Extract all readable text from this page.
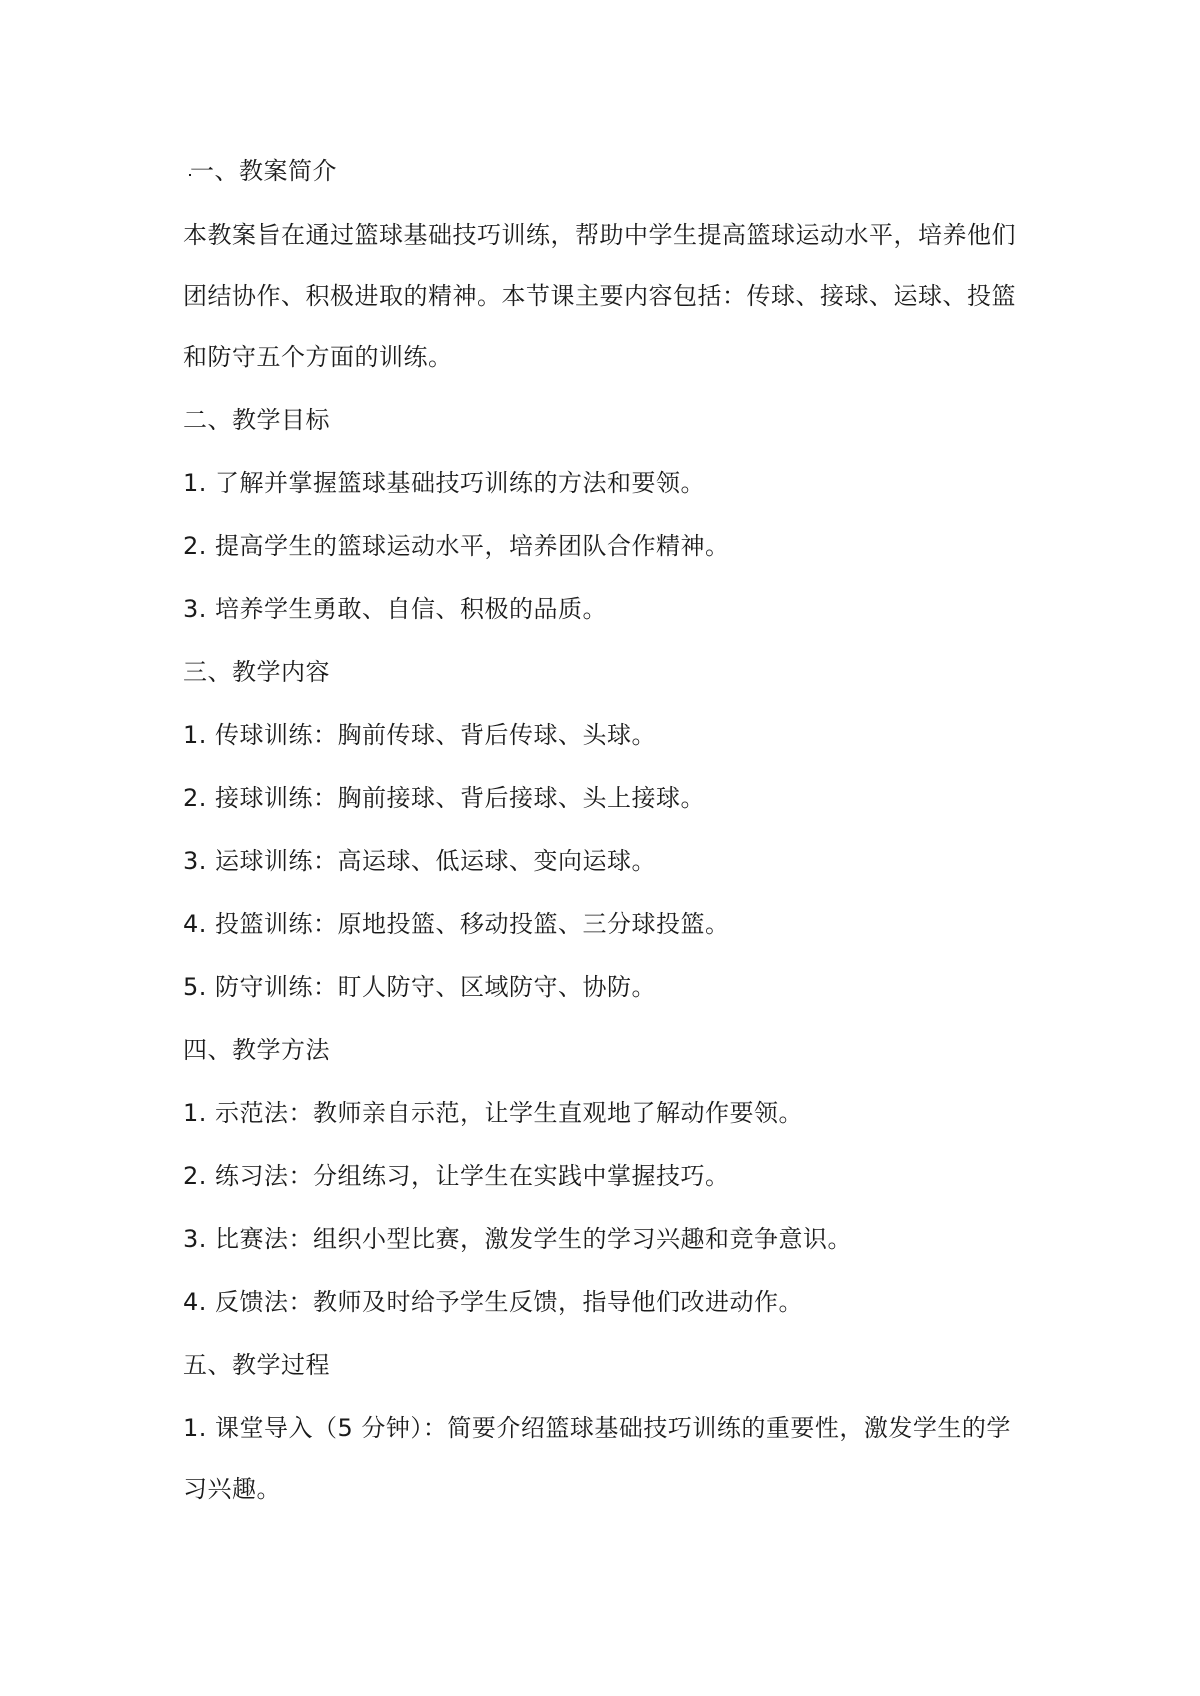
一、教案简介

本教案旨在通过篮球基础技巧训练，帮助中学生提高篮球运动水平，培养他们

团结协作、积极进取的精神。本节课主要内容包括：传球、接球、运球、投篮

和防守五个方面的训练。

二、教学目标

1. 了解并掌握篮球基础技巧训练的方法和要领。

2. 提高学生的篮球运动水平，培养团队合作精神。

3. 培养学生勇敢、自信、积极的品质。

三、教学内容

1. 传球训练：胸前传球、背后传球、头球。

2. 接球训练：胸前接球、背后接球、头上接球。

3. 运球训练：高运球、低运球、变向运球。

4. 投篮训练：原地投篮、移动投篮、三分球投篮。

5. 防守训练：盯人防守、区域防守、协防。

四、教学方法

1. 示范法：教师亲自示范，让学生直观地了解动作要领。

2. 练习法：分组练习，让学生在实践中掌握技巧。

3. 比赛法：组织小型比赛，激发学生的学习兴趣和竞争意识。

4. 反馈法：教师及时给予学生反馈，指导他们改进动作。

五、教学过程

1. 课堂导入（5 分钟）：简要介绍篮球基础技巧训练的重要性，激发学生的学

习兴趣。
